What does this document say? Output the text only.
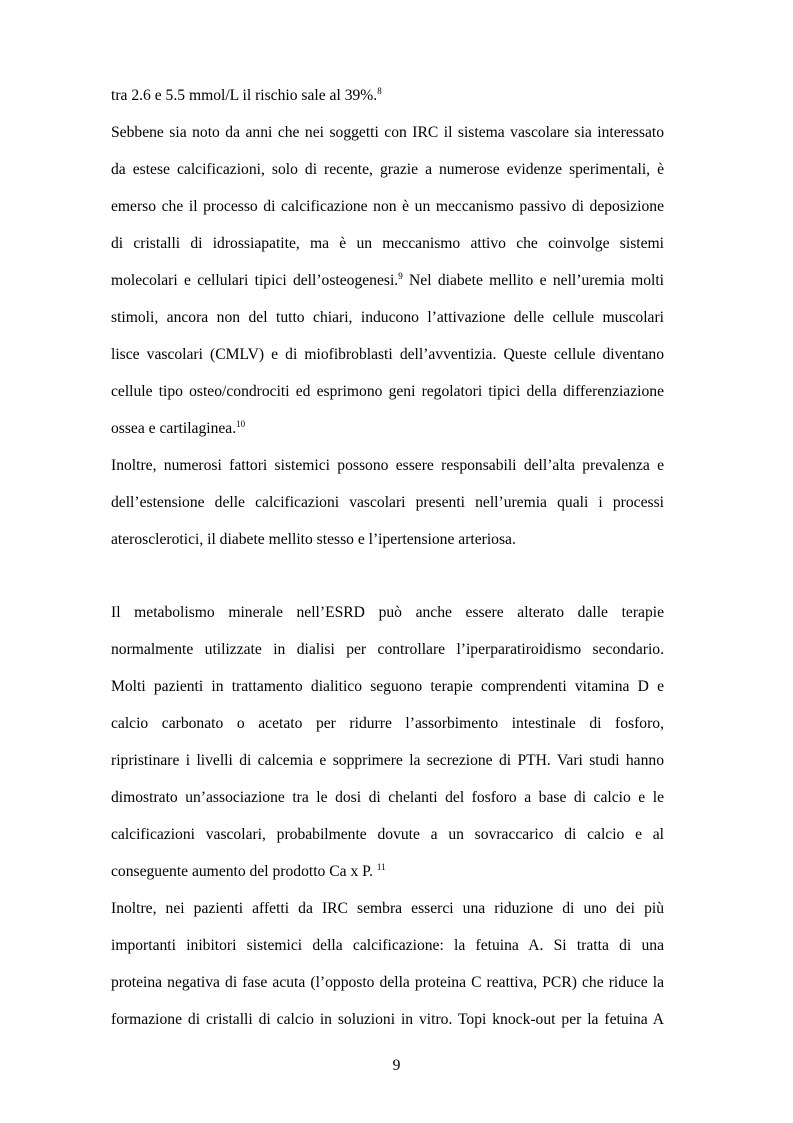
tra 2.6 e 5.5 mmol/L il rischio sale al 39%.$^8$
Sebbene sia noto da anni che nei soggetti con IRC il sistema vascolare sia interessato
da estese calcificazioni, solo di recente, grazie a numerose evidenze sperimentali, è
emerso che il processo di calcificazione non è un meccanismo passivo di deposizione
di cristalli di idrossiapatite, ma è un meccanismo attivo che coinvolge sistemi
molecolari e cellulari tipici dell’osteogenesi.$^9$ Nel diabete mellito e nell’uremia molti
stimoli, ancora non del tutto chiari, inducono l’attivazione delle cellule muscolari
lisce vascolari (CMLV) e di miofibroblasti dell’avventizia. Queste cellule diventano
cellule tipo osteo/condrociti ed esprimono geni regolatori tipici della differenziazione
ossea e cartilaginea.$^{10}$
Inoltre, numerosi fattori sistemici possono essere responsabili dell’alta prevalenza e
dell’estensione delle calcificazioni vascolari presenti nell’uremia quali i processi
aterosclerotici, il diabete mellito stesso e l’ipertensione arteriosa.
Il metabolismo minerale nell’ESRD può anche essere alterato dalle terapie
normalmente utilizzate in dialisi per controllare l’iperparatiroidismo secondario.
Molti pazienti in trattamento dialitico seguono terapie comprendenti vitamina D e
calcio carbonato o acetato per ridurre l’assorbimento intestinale di fosforo,
ripristinare i livelli di calcemia e sopprimere la secrezione di PTH. Vari studi hanno
dimostrato un’associazione tra le dosi di chelanti del fosforo a base di calcio e le
calcificazioni vascolari, probabilmente dovute a un sovraccarico di calcio e al
conseguente aumento del prodotto Ca x P. $^{11}$
Inoltre, nei pazienti affetti da IRC sembra esserci una riduzione di uno dei più
importanti inibitori sistemici della calcificazione: la fetuina A. Si tratta di una
proteina negativa di fase acuta (l’opposto della proteina C reattiva, PCR) che riduce la
formazione di cristalli di calcio in soluzioni in vitro. Topi knock-out per la fetuina A
9
